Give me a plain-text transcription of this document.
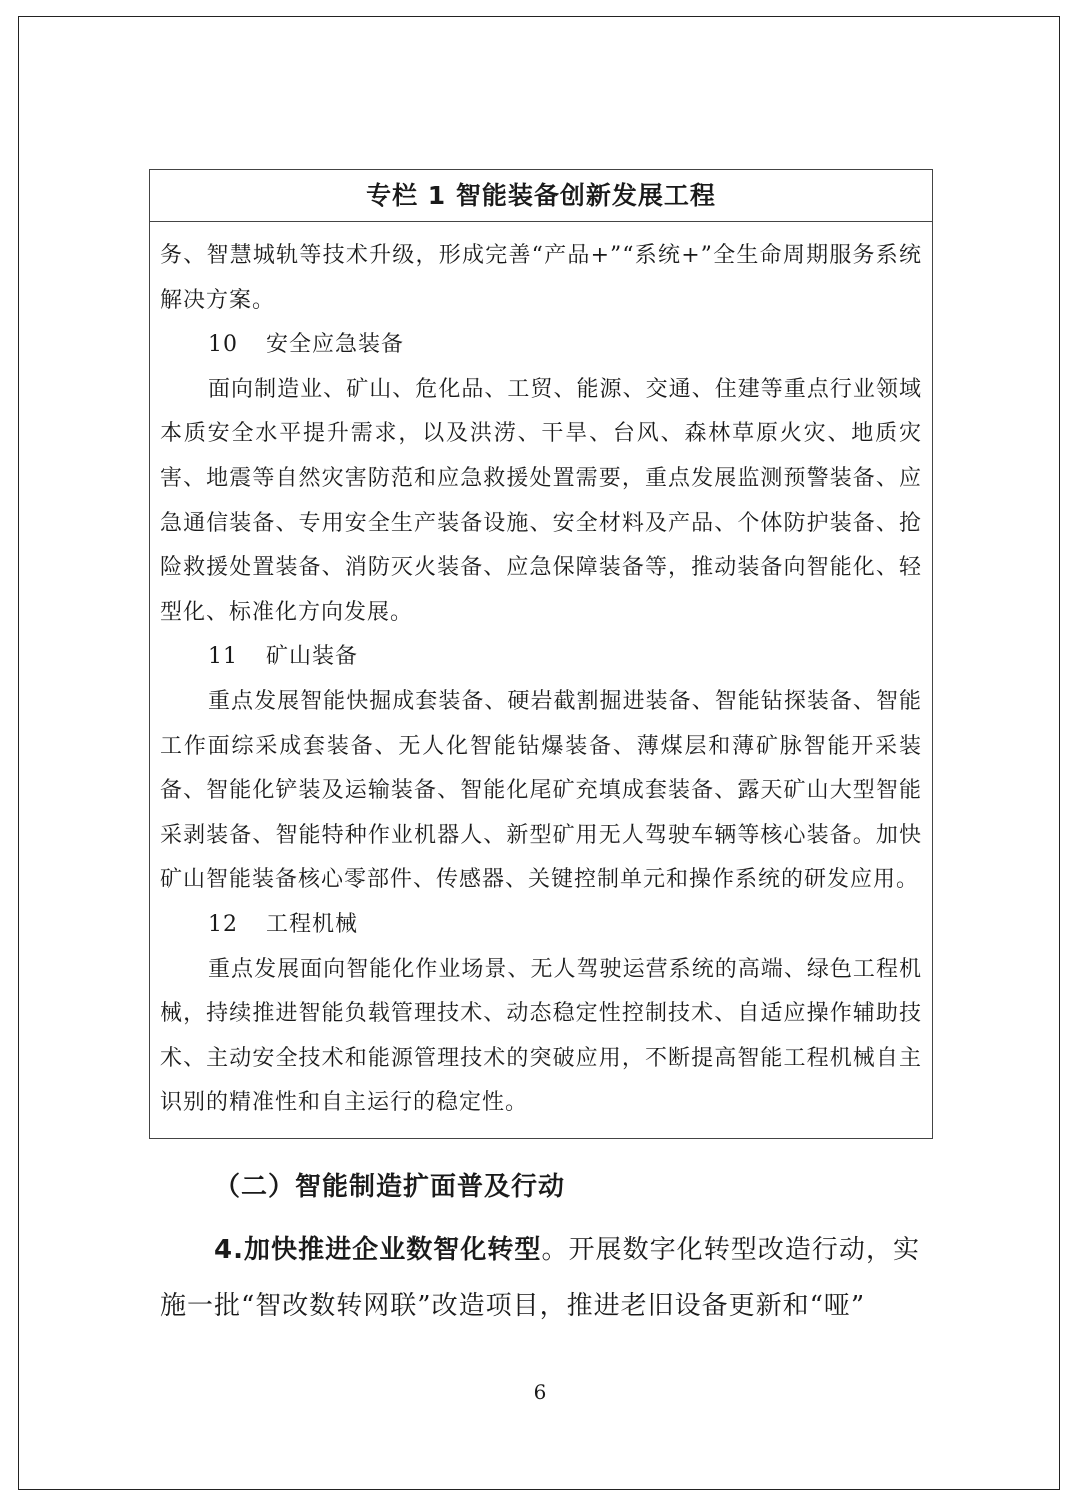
专栏 1 智能装备创新发展工程

务、智慧城轨等技术升级，形成完善“产品+”“系统+”全生命周期服务系统解决方案。

10 安全应急装备

面向制造业、矿山、危化品、工贸、能源、交通、住建等重点行业领域本质安全水平提升需求，以及洪涝、干旱、台风、森林草原火灾、地质灾害、地震等自然灾害防范和应急救援处置需要，重点发展监测预警装备、应急通信装备、专用安全生产装备设施、安全材料及产品、个体防护装备、抢险救援处置装备、消防灭火装备、应急保障装备等，推动装备向智能化、轻型化、标准化方向发展。

11 矿山装备

重点发展智能快掘成套装备、硬岩截割掘进装备、智能钻探装备、智能工作面综采成套装备、无人化智能钻爆装备、薄煤层和薄矿脉智能开采装备、智能化铲装及运输装备、智能化尾矿充填成套装备、露天矿山大型智能采剥装备、智能特种作业机器人、新型矿用无人驾驶车辆等核心装备。加快矿山智能装备核心零部件、传感器、关键控制单元和操作系统的研发应用。

12 工程机械

重点发展面向智能化作业场景、无人驾驶运营系统的高端、绿色工程机械，持续推进智能负载管理技术、动态稳定性控制技术、自适应操作辅助技术、主动安全技术和能源管理技术的突破应用，不断提高智能工程机械自主识别的精准性和自主运行的稳定性。

（二）智能制造扩面普及行动

4.加快推进企业数智化转型。开展数字化转型改造行动，实施一批“智改数转网联”改造项目，推进老旧设备更新和“哑”

6
